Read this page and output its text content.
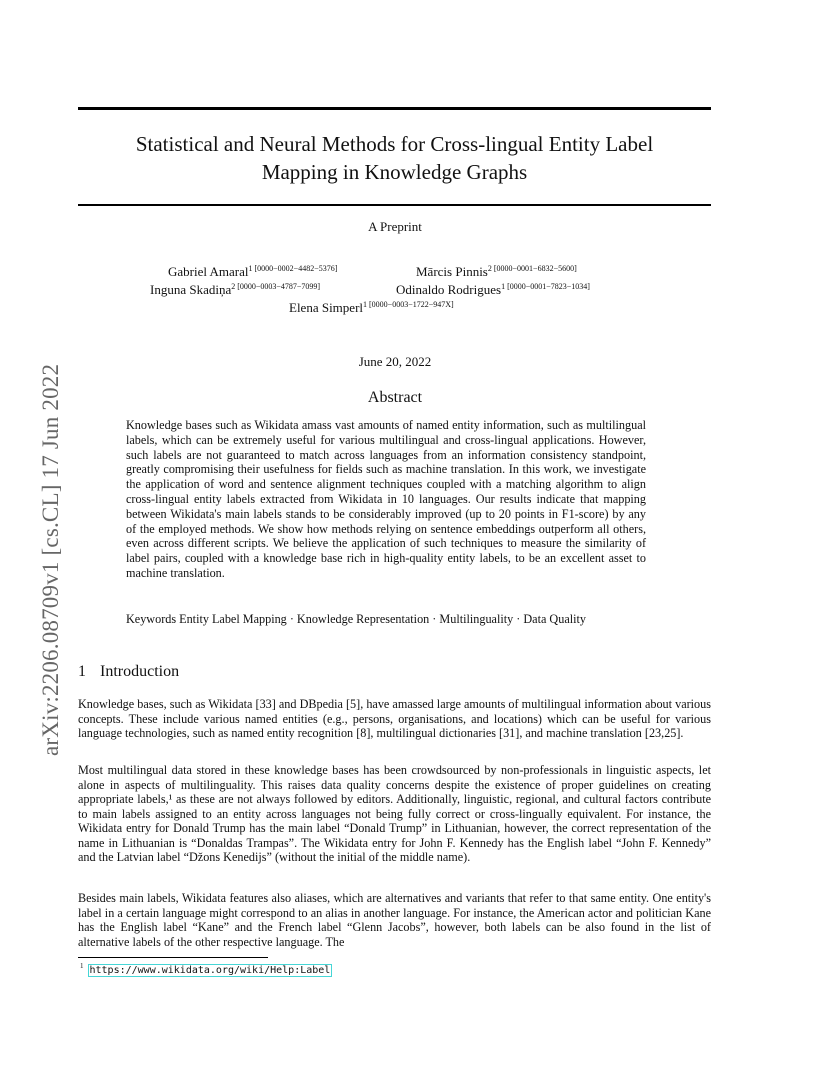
arXiv:2206.08709v1 [cs.CL] 17 Jun 2022
Statistical and Neural Methods for Cross-lingual Entity Label
Mapping in Knowledge Graphs
A Preprint
Gabriel Amaral$^{1 [0000-0002-4482-5376]}$	Mārcis Pinnis$^{2 [0000-0001-6832-5600]}$
Inguna Skadiņa$^{2 [0000-0003-4787-7099]}$	Odinaldo Rodrigues$^{1 [0000-0001-7823-1034]}$
Elena Simperl$^{1 [0000-0003-1722-947X]}$
June 20, 2022
Abstract
Knowledge bases such as Wikidata amass vast amounts of named entity information, such as multilingual labels, which can be extremely useful for various multilingual and cross-lingual applications. However, such labels are not guaranteed to match across languages from an information consistency standpoint, greatly compromising their usefulness for fields such as machine translation. In this work, we investigate the application of word and sentence alignment techniques coupled with a matching algorithm to align cross-lingual entity labels extracted from Wikidata in 10 languages. Our results indicate that mapping between Wikidata's main labels stands to be considerably improved (up to 20 points in F1-score) by any of the employed methods. We show how methods relying on sentence embeddings outperform all others, even across different scripts. We believe the application of such techniques to measure the similarity of label pairs, coupled with a knowledge base rich in high-quality entity labels, to be an excellent asset to machine translation.
Keywords Entity Label Mapping · Knowledge Representation · Multilinguality · Data Quality
1 Introduction
Knowledge bases, such as Wikidata [33] and DBpedia [5], have amassed large amounts of multilingual information about various concepts. These include various named entities (e.g., persons, organisations, and locations) which can be useful for various language technologies, such as named entity recognition [8], multilingual dictionaries [31], and machine translation [23,25].
Most multilingual data stored in these knowledge bases has been crowdsourced by non-professionals in linguistic aspects, let alone in aspects of multilinguality. This raises data quality concerns despite the existence of proper guidelines on creating appropriate labels,¹ as these are not always followed by editors. Additionally, linguistic, regional, and cultural factors contribute to main labels assigned to an entity across languages not being fully correct or cross-lingually equivalent. For instance, the Wikidata entry for Donald Trump has the main label “Donald Trump” in Lithuanian, however, the correct representation of the name in Lithuanian is “Donaldas Trampas”. The Wikidata entry for John F. Kennedy has the English label “John F. Kennedy” and the Latvian label “Džons Kenedijs” (without the initial of the middle name).
Besides main labels, Wikidata features also aliases, which are alternatives and variants that refer to that same entity. One entity's label in a certain language might correspond to an alias in another language. For instance, the American actor and politician Kane has the English label “Kane” and the French label “Glenn Jacobs”, however, both labels can be also found in the list of alternative labels of the other respective language. The
$^1$ https://www.wikidata.org/wiki/Help:Label
